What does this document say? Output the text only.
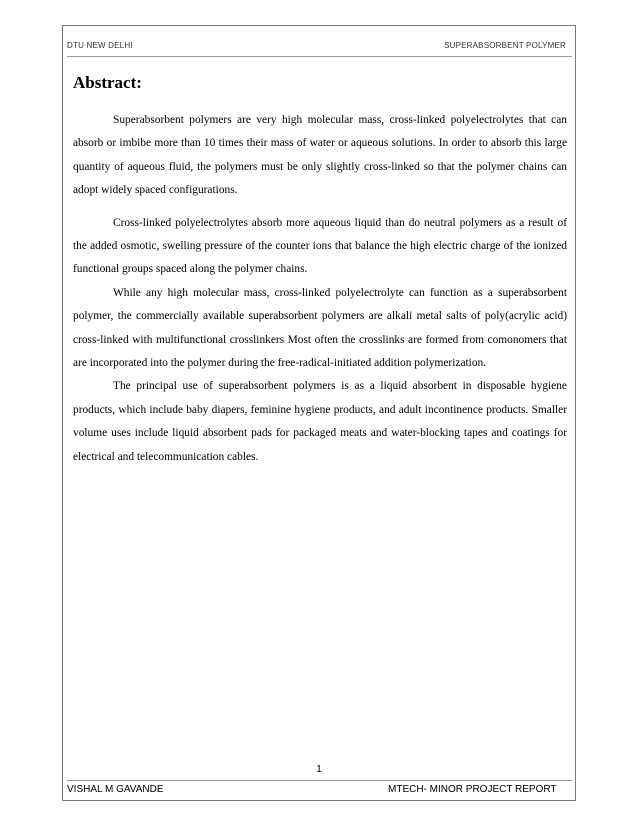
DTU NEW DELHI	SUPERABSORBENT POLYMER
Abstract:

Superabsorbent polymers are very high molecular mass, cross-linked polyelectrolytes that can absorb or imbibe more than 10 times their mass of water or aqueous solutions. In order to absorb this large quantity of aqueous fluid, the polymers must be only slightly cross-linked so that the polymer chains can adopt widely spaced configurations.

Cross-linked polyelectrolytes absorb more aqueous liquid than do neutral polymers as a result of the added osmotic, swelling pressure of the counter ions that balance the high electric charge of the ionized functional groups spaced along the polymer chains.

While any high molecular mass, cross-linked polyelectrolyte can function as a superabsorbent polymer, the commercially available superabsorbent polymers are alkali metal salts of poly(acrylic acid) cross-linked with multifunctional crosslinkers Most often the crosslinks are formed from comonomers that are incorporated into the polymer during the free-radical-initiated addition polymerization.

The principal use of superabsorbent polymers is as a liquid absorbent in disposable hygiene products, which include baby diapers, feminine hygiene products, and adult incontinence products. Smaller volume uses include liquid absorbent pads for packaged meats and water-blocking tapes and coatings for electrical and telecommunication cables.

1
VISHAL M GAVANDE	MTECH- MINOR PROJECT REPORT
